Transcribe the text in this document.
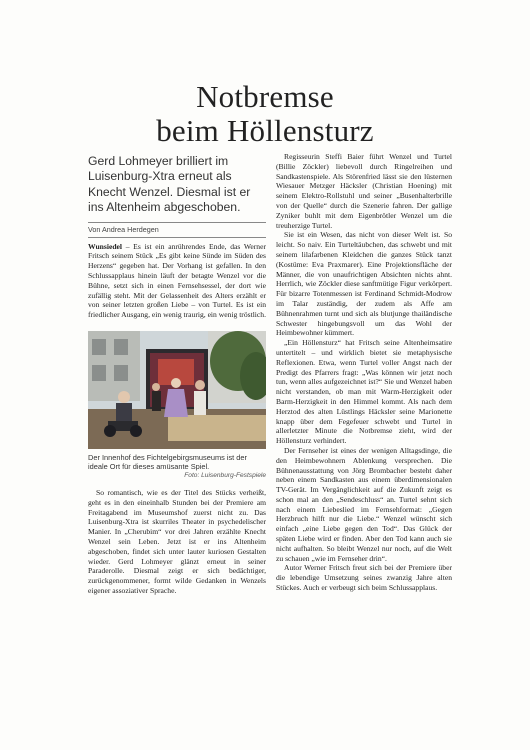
Notbremse
beim Höllensturz

Gerd Lohmeyer brilliert im Luisenburg-Xtra erneut als Knecht Wenzel. Diesmal ist er ins Altenheim abgeschoben.

Von Andrea Herdegen

Wunsiedel – Es ist ein anrührendes Ende, das Werner Fritsch seinem Stück „Es gibt keine Sünde im Süden des Herzens“ gegeben hat. Der Vorhang ist gefallen. In den Schlussapplaus hinein läuft der betagte Wenzel vor die Bühne, setzt sich in einen Fernsehsessel, der dort wie zufällig steht. Mit der Gelassenheit des Alters erzählt er von seiner letzten großen Liebe – von Turtel. Es ist ein friedlicher Ausgang, ein wenig traurig, ein wenig tröstlich.

Der Innenhof des Fichtelgebirgsmuseums ist der ideale Ort für dieses amüsante Spiel.
Foto: Luisenburg-Festspiele

So romantisch, wie es der Titel des Stücks verheißt, geht es in den eineinhalb Stunden bei der Premiere am Freitagabend im Museumshof zuerst nicht zu. Das Luisenburg-Xtra ist skurriles Theater in psychedelischer Manier. In „Cherubim“ vor drei Jahren erzählte Knecht Wenzel sein Leben. Jetzt ist er ins Altenheim abgeschoben, findet sich unter lauter kuriosen Gestalten wieder. Gerd Lohmeyer glänzt erneut in seiner Paraderolle. Diesmal zeigt er sich bedächtiger, zurückgenommener, formt wilde Gedanken in Wenzels eigener assoziativer Sprache.

Regisseurin Steffi Baier führt Wenzel und Turtel (Billie Zöckler) liebevoll durch Ringelreihen und Sandkastenspiele. Als Störenfried lässt sie den lüsternen Wiesauer Metzger Häcksler (Christian Hoening) mit seinem Elektro-Rollstuhl und seiner „Busenhalterbrille von der Quelle“ durch die Szenerie fahren. Der gallige Zyniker buhlt mit dem Eigenbrötler Wenzel um die treuherzige Turtel.

Sie ist ein Wesen, das nicht von dieser Welt ist. So leicht. So naiv. Ein Turteltäubchen, das schwebt und mit seinem lilafarbenen Kleidchen die ganzes Stück tanzt (Kostüme: Eva Praxmarer). Eine Projektionsfläche der Männer, die von unaufrichtigen Absichten nichts ahnt. Herrlich, wie Zöckler diese sanftmütige Figur verkörpert. Für bizarre Totenmessen ist Ferdinand Schmidt-Modrow im Talar zuständig, der zudem als Affe am Bühnenrahmen turnt und sich als blutjunge thailändische Schwester hingebungsvoll um das Wohl der Heimbewohner kümmert.

„Ein Höllensturz“ hat Fritsch seine Altenheimsatire untertitelt – und wirklich bietet sie metaphysische Reflexionen. Etwa, wenn Turtel voller Angst nach der Predigt des Pfarrers fragt: „Was können wir jetzt noch tun, wenn alles aufgezeichnet ist?“ Sie und Wenzel haben nicht verstanden, ob man mit Warm-Herzigkeit oder Barm-Herzigkeit in den Himmel kommt. Als nach dem Herztod des alten Lüstlings Häcksler seine Marionette knapp über dem Fegefeuer schwebt und Turtel in allerletzter Minute die Notbremse zieht, wird der Höllensturz verhindert.

Der Fernseher ist eines der wenigen Alltagsdinge, die den Heimbewohnern Ablenkung versprechen. Die Bühnenausstattung von Jörg Brombacher besteht daher neben einem Sandkasten aus einem überdimensionalen TV-Gerät. Im Vergänglichkeit auf die Zukunft zeigt es schon mal an den „Sendeschluss“ an. Turtel sehnt sich nach einem Liebeslied im Fernsehformat: „Gegen Herzbruch hilft nur die Liebe.“ Wenzel wünscht sich einfach „eine Liebe gegen den Tod“. Das Glück der späten Liebe wird er finden. Aber den Tod kann auch sie nicht aufhalten. So bleibt Wenzel nur noch, auf die Welt zu schauen „wie im Fernseher drin“.

Autor Werner Fritsch freut sich bei der Premiere über die lebendige Umsetzung seines zwanzig Jahre alten Stückes. Auch er verbeugt sich beim Schlussapplaus.
